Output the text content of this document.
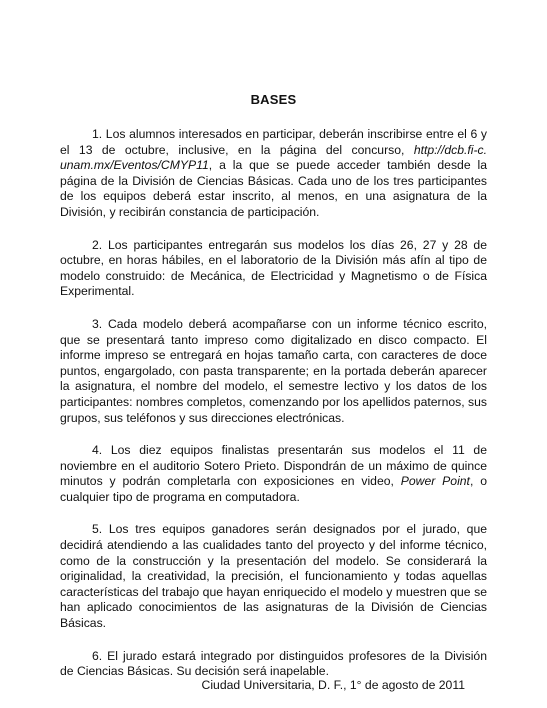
BASES

1. Los alumnos interesados en participar, deberán inscribirse entre el 6 y el 13 de octubre, inclusive, en la página del concurso, http://dcb.fi-c. unam.mx/Eventos/CMYP11, a la que se puede acceder también desde la página de la División de Ciencias Básicas. Cada uno de los tres participantes de los equipos deberá estar inscrito, al menos, en una asignatura de la División, y recibirán constancia de participación.

2. Los participantes entregarán sus modelos los días 26, 27 y 28 de octubre, en horas hábiles, en el laboratorio de la División más afín al tipo de modelo construido: de Mecánica, de Electricidad y Magnetismo o de Física Experimental.

3. Cada modelo deberá acompañarse con un informe técnico escrito, que se presentará tanto impreso como digitalizado en disco compacto. El informe impreso se entregará en hojas tamaño carta, con caracteres de doce puntos, engargolado, con pasta transparente; en la portada deberán aparecer la asignatura, el nombre del modelo, el semestre lectivo y los datos de los participantes: nombres completos, comenzando por los apellidos paternos, sus grupos, sus teléfonos y sus direcciones electrónicas.

4. Los diez equipos finalistas presentarán sus modelos el 11 de noviembre en el auditorio Sotero Prieto. Dispondrán de un máximo de quince minutos y podrán completarla con exposiciones en video, Power Point, o cualquier tipo de programa en computadora.

5. Los tres equipos ganadores serán designados por el jurado, que decidirá atendiendo a las cualidades tanto del proyecto y del informe técnico, como de la construcción y la presentación del modelo. Se considerará la originalidad, la creatividad, la precisión, el funcionamiento y todas aquellas características del trabajo que hayan enriquecido el modelo y muestren que se han aplicado conocimientos de las asignaturas de la División de Ciencias Básicas.

6. El jurado estará integrado por distinguidos profesores de la División de Ciencias Básicas. Su decisión será inapelable.

Ciudad Universitaria, D. F., 1° de agosto de 2011
